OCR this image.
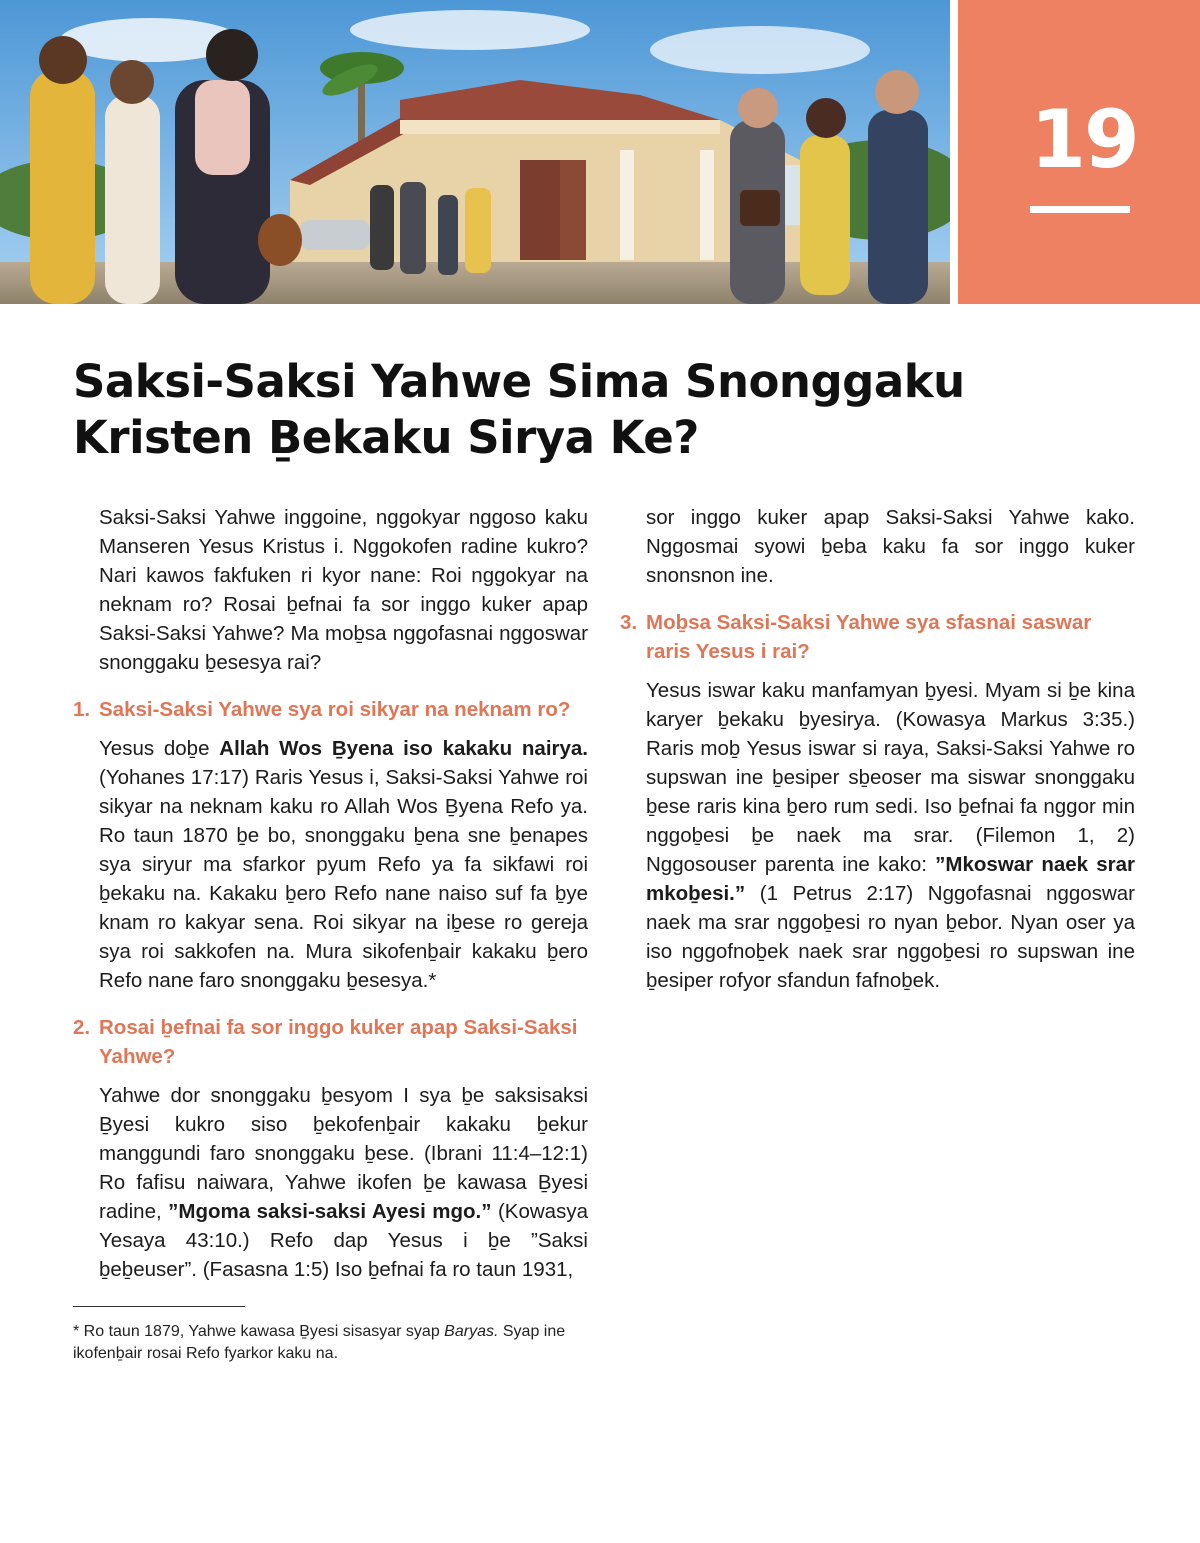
19
Saksi-Saksi Yahwe Sima Snonggaku
Kristen Ḇekaku Sirya Ke?

Saksi-Saksi Yahwe inggoine, nggokyar nggoso kaku Manseren Yesus Kristus i. Nggokofen radine kukro? Nari kawos fakfuken ri kyor nane: Roi nggokyar na neknam ro? Rosai ḇefnai fa sor inggo kuker apap Saksi-Saksi Yahwe? Ma moḇsa nggofasnai nggoswar snonggaku ḇesesya rai?

1. Saksi-Saksi Yahwe sya roi sikyar na neknam ro?

Yesus doḇe Allah Wos Ḇyena iso kakaku nairya. (Yohanes 17:17) Raris Yesus i, Saksi-Saksi Yahwe roi sikyar na neknam kaku ro Allah Wos Ḇyena Refo ya. Ro taun 1870 ḇe bo, snonggaku ḇena sne ḇenapes sya siryur ma sfarkor pyum Refo ya fa sikfawi roi ḇekaku na. Kakaku ḇero Refo nane naiso suf fa ḇye knam ro kakyar sena. Roi sikyar na iḇese ro gereja sya roi sakkofen na. Mura sikofenḇair kakaku ḇero Refo nane faro snonggaku ḇesesya.*

2. Rosai ḇefnai fa sor inggo kuker apap Saksi-Saksi Yahwe?

Yahwe dor snonggaku ḇesyom I sya ḇe saksisaksi Ḇyesi kukro siso ḇekofenḇair kakaku ḇekur manggundi faro snonggaku ḇese. (Ibrani 11:4–12:1) Ro fafisu naiwara, Yahwe ikofen ḇe kawasa Ḇyesi radine, ”Mgoma saksi-saksi Ayesi mgo.” (Kowasya Yesaya 43:10.) Refo dap Yesus i ḇe ”Saksi ḇeḇeuser”. (Fasasna 1:5) Iso ḇefnai fa ro taun 1931,

sor inggo kuker apap Saksi-Saksi Yahwe kako. Nggosmai syowi ḇeba kaku fa sor inggo kuker snonsnon ine.

3. Moḇsa Saksi-Saksi Yahwe sya sfasnai saswar raris Yesus i rai?

Yesus iswar kaku manfamyan ḇyesi. Myam si ḇe kina karyer ḇekaku ḇyesirya. (Kowasya Markus 3:35.) Raris moḇ Yesus iswar si raya, Saksi-Saksi Yahwe ro supswan ine ḇesiper sḇeoser ma siswar snonggaku ḇese raris kina ḇero rum sedi. Iso ḇefnai fa nggor min nggoḇesi ḇe naek ma srar. (Filemon 1, 2) Nggosouser parenta ine kako: ”Mkoswar naek srar mkoḇesi.” (1 Petrus 2:17) Nggofasnai nggoswar naek ma srar nggoḇesi ro nyan ḇebor. Nyan oser ya iso nggofnoḇek naek srar nggoḇesi ro supswan ine ḇesiper rofyor sfandun fafnoḇek.

* Ro taun 1879, Yahwe kawasa Ḇyesi sisasyar syap Baryas. Syap ine ikofenḇair rosai Refo fyarkor kaku na.
